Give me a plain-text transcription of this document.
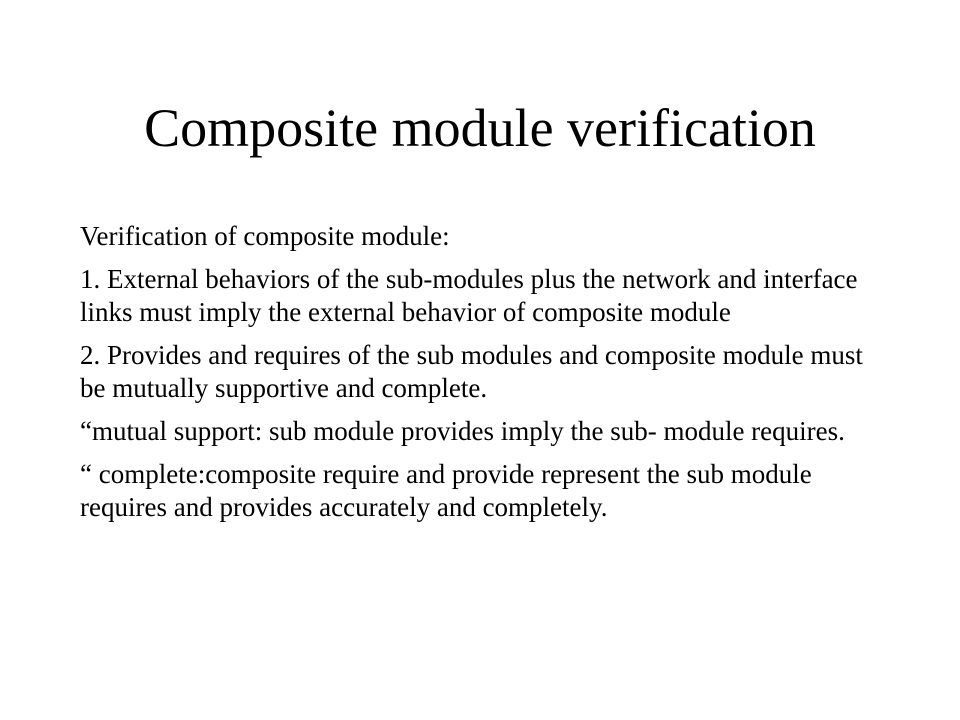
Composite module verification

Verification of composite module:

1. External behaviors of the sub-modules plus the network and interface links must imply the external behavior of composite module

2. Provides and requires of the sub modules and composite module must be mutually supportive and complete.

“mutual support: sub module provides imply the sub- module requires.

“ complete:composite require and provide represent the sub module requires and provides accurately and completely.
